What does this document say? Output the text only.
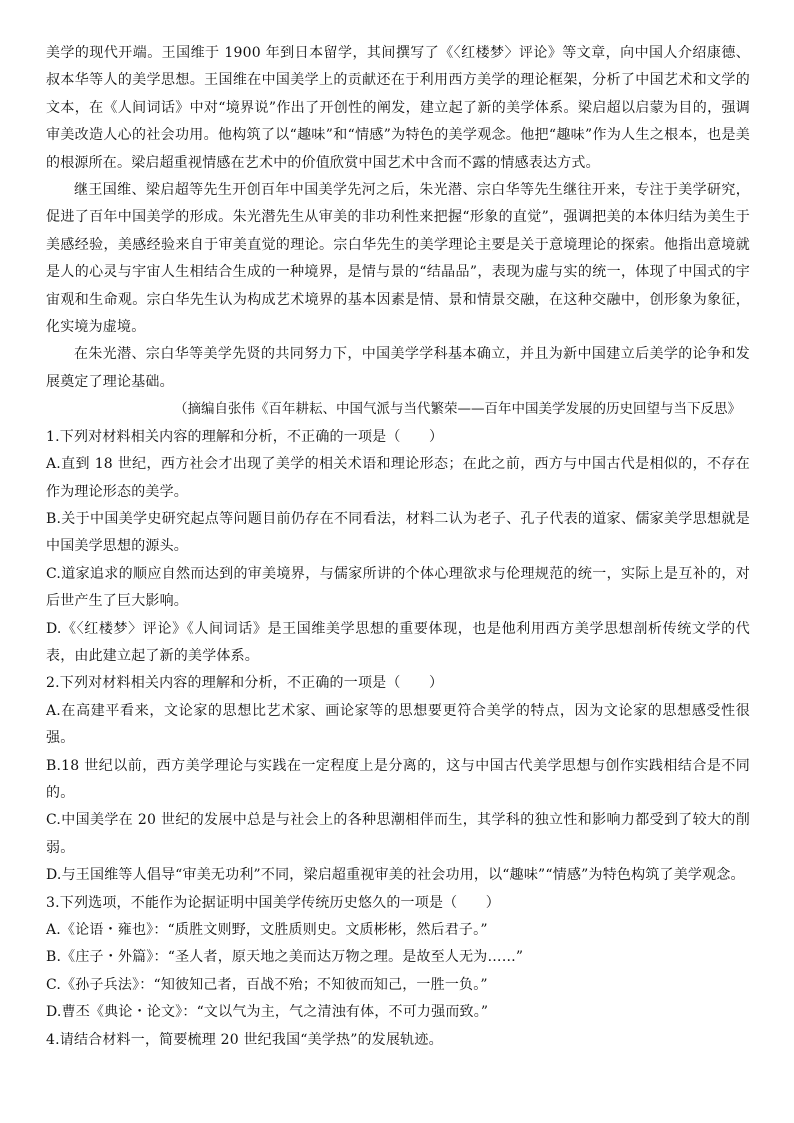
美学的现代开端。王国维于 1900 年到日本留学，其间撰写了《〈红楼梦〉评论》等文章，向中国人介绍康德、叔本华等人的美学思想。王国维在中国美学上的贡献还在于利用西方美学的理论框架，分析了中国艺术和文学的文本，在《人间词话》中对“境界说”作出了开创性的阐发，建立起了新的美学体系。梁启超以启蒙为目的，强调审美改造人心的社会功用。他构筑了以“趣味”和“情感”为特色的美学观念。他把“趣味”作为人生之根本，也是美的根源所在。梁启超重视情感在艺术中的价值欣赏中国艺术中含而不露的情感表达方式。

继王国维、梁启超等先生开创百年中国美学先河之后，朱光潜、宗白华等先生继往开来，专注于美学研究，促进了百年中国美学的形成。朱光潜先生从审美的非功利性来把握“形象的直觉”，强调把美的本体归结为美生于美感经验，美感经验来自于审美直觉的理论。宗白华先生的美学理论主要是关于意境理论的探索。他指出意境就是人的心灵与宇宙人生相结合生成的一种境界，是情与景的“结晶品”，表现为虚与实的统一，体现了中国式的宇宙观和生命观。宗白华先生认为构成艺术境界的基本因素是情、景和情景交融，在这种交融中，创形象为象征，化实境为虚境。

在朱光潜、宗白华等美学先贤的共同努力下，中国美学学科基本确立，并且为新中国建立后美学的论争和发展奠定了理论基础。

（摘编自张伟《百年耕耘、中国气派与当代繁荣——百年中国美学发展的历史回望与当下反思》

1.下列对材料相关内容的理解和分析，不正确的一项是（　　）

A.直到 18 世纪，西方社会才出现了美学的相关术语和理论形态；在此之前，西方与中国古代是相似的，不存在作为理论形态的美学。

B.关于中国美学史研究起点等问题目前仍存在不同看法，材料二认为老子、孔子代表的道家、儒家美学思想就是中国美学思想的源头。

C.道家追求的顺应自然而达到的审美境界，与儒家所讲的个体心理欲求与伦理规范的统一，实际上是互补的，对后世产生了巨大影响。

D.《〈红楼梦〉评论》《人间词话》是王国维美学思想的重要体现，也是他利用西方美学思想剖析传统文学的代表，由此建立起了新的美学体系。

2.下列对材料相关内容的理解和分析，不正确的一项是（　　）

A.在高建平看来，文论家的思想比艺术家、画论家等的思想要更符合美学的特点，因为文论家的思想感受性很强。

B.18 世纪以前，西方美学理论与实践在一定程度上是分离的，这与中国古代美学思想与创作实践相结合是不同的。

C.中国美学在 20 世纪的发展中总是与社会上的各种思潮相伴而生，其学科的独立性和影响力都受到了较大的削弱。

D.与王国维等人倡导“审美无功利”不同，梁启超重视审美的社会功用，以“趣味”“情感”为特色构筑了美学观念。

3.下列选项，不能作为论据证明中国美学传统历史悠久的一项是（　　）

A.《论语・雍也》：“质胜文则野，文胜质则史。文质彬彬，然后君子。”

B.《庄子・外篇》：“圣人者，原天地之美而达万物之理。是故至人无为……”

C.《孙子兵法》：“知彼知己者，百战不殆；不知彼而知己，一胜一负。”

D.曹丕《典论・论文》：“文以气为主，气之清浊有体，不可力强而致。”

4.请结合材料一，简要梳理 20 世纪我国“美学热”的发展轨迹。
